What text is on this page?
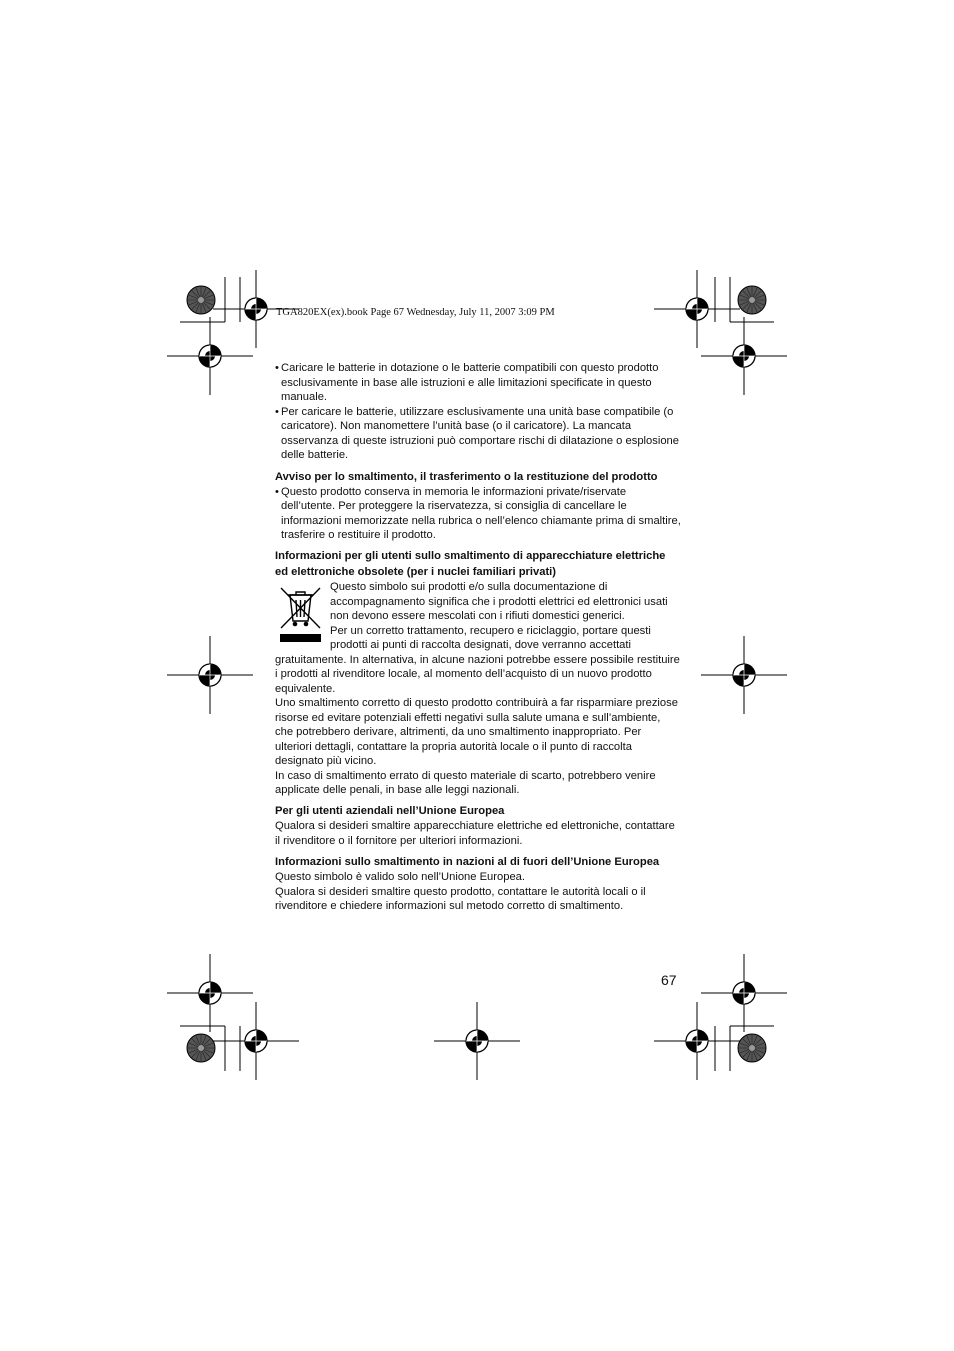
TGA820EX(ex).book Page 67 Wednesday, July 11, 2007 3:09 PM
• Caricare le batterie in dotazione o le batterie compatibili con questo prodotto esclusivamente in base alle istruzioni e alle limitazioni specificate in questo manuale.
• Per caricare le batterie, utilizzare esclusivamente una unità base compatibile (o caricatore). Non manomettere l’unità base (o il caricatore). La mancata osservanza di queste istruzioni può comportare rischi di dilatazione o esplosione delle batterie.
Avviso per lo smaltimento, il trasferimento o la restituzione del prodotto
• Questo prodotto conserva in memoria le informazioni private/riservate dell’utente. Per proteggere la riservatezza, si consiglia di cancellare le informazioni memorizzate nella rubrica o nell’elenco chiamante prima di smaltire, trasferire o restituire il prodotto.
Informazioni per gli utenti sullo smaltimento di apparecchiature elettriche ed elettroniche obsolete (per i nuclei familiari privati)

Questo simbolo sui prodotti e/o sulla documentazione di accompagnamento significa che i prodotti elettrici ed elettronici usati non devono essere mescolati con i rifiuti domestici generici.

Per un corretto trattamento, recupero e riciclaggio, portare questi prodotti ai punti di raccolta designati, dove verranno accettati gratuitamente. In alternativa, in alcune nazioni potrebbe essere possibile restituire i prodotti al rivenditore locale, al momento dell’acquisto di un nuovo prodotto equivalente.

Uno smaltimento corretto di questo prodotto contribuirà a far risparmiare preziose risorse ed evitare potenziali effetti negativi sulla salute umana e sull’ambiente, che potrebbero derivare, altrimenti, da uno smaltimento inappropriato. Per ulteriori dettagli, contattare la propria autorità locale o il punto di raccolta designato più vicino.

In caso di smaltimento errato di questo materiale di scarto, potrebbero venire applicate delle penali, in base alle leggi nazionali.

Per gli utenti aziendali nell’Unione Europea

Qualora si desideri smaltire apparecchiature elettriche ed elettroniche, contattare il rivenditore o il fornitore per ulteriori informazioni.

Informazioni sullo smaltimento in nazioni al di fuori dell’Unione Europea

Questo simbolo è valido solo nell’Unione Europea.

Qualora si desideri smaltire questo prodotto, contattare le autorità locali o il rivenditore e chiedere informazioni sul metodo corretto di smaltimento.

67
